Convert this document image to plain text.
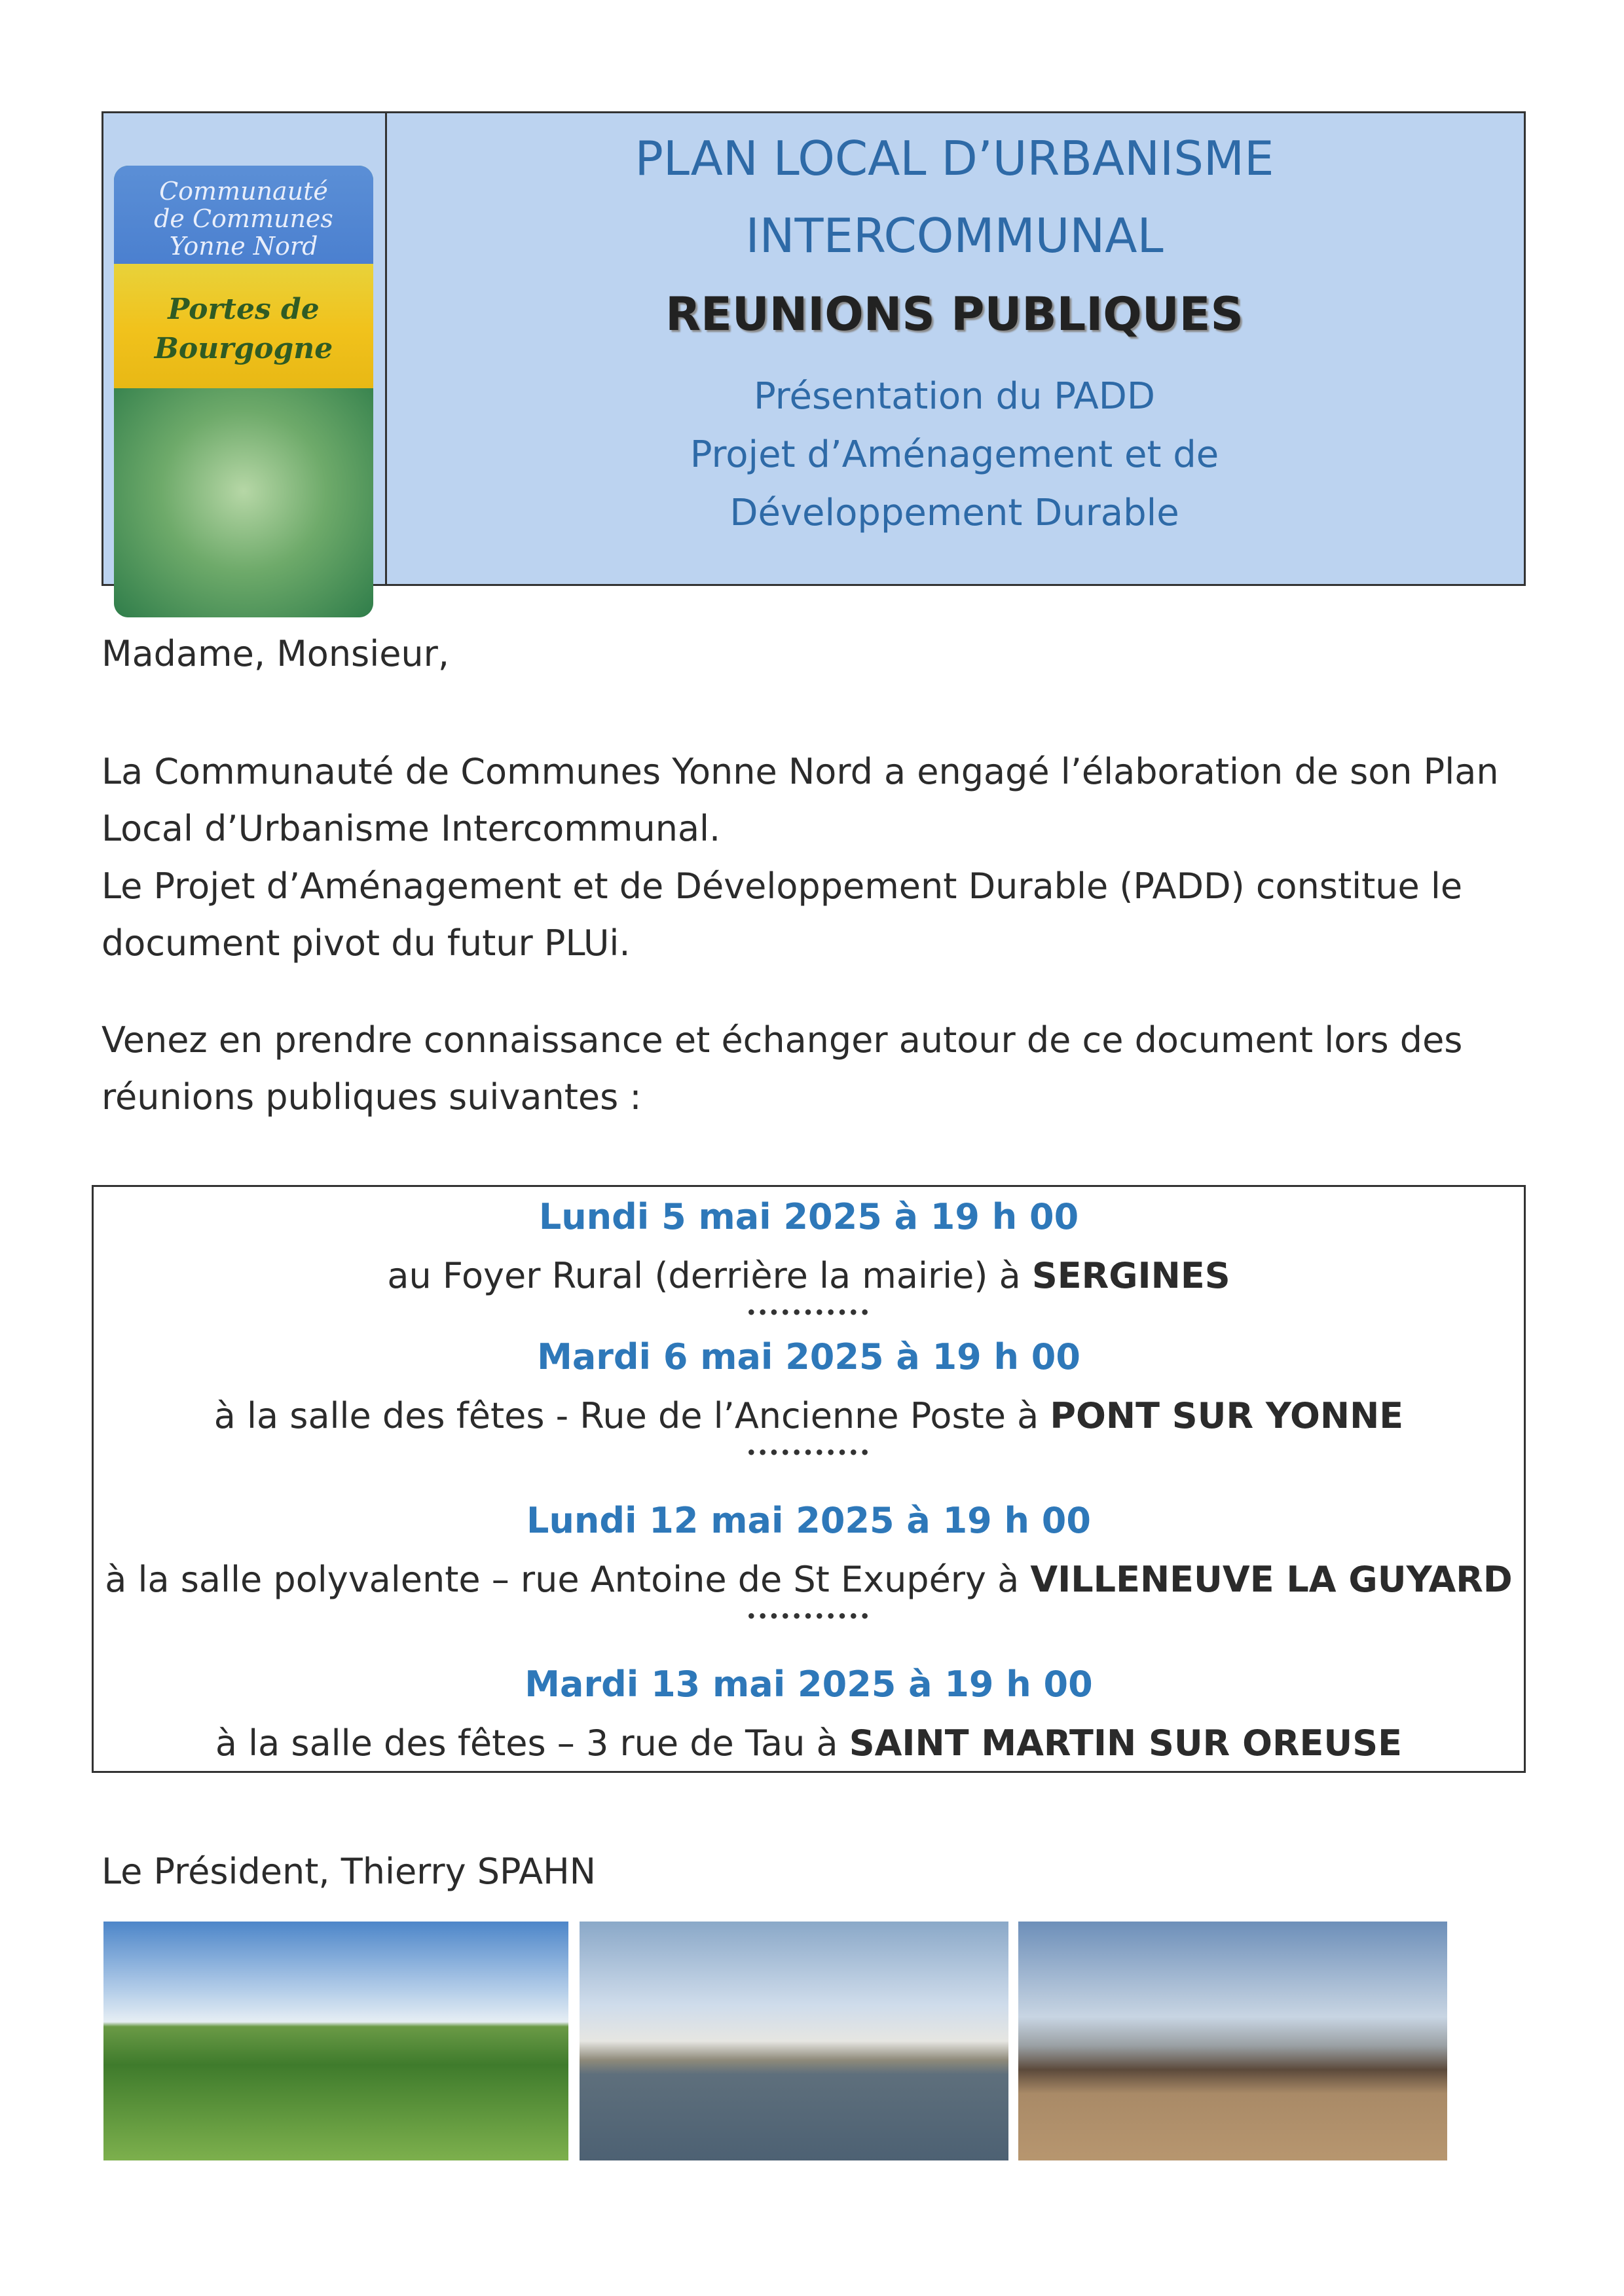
Communauté
de Communes
Yonne Nord
Portes de
Bourgogne
PLAN LOCAL D’URBANISME
INTERCOMMUNAL
REUNIONS PUBLIQUES
Présentation du PADD
Projet d’Aménagement et de
Développement Durable
Madame, Monsieur,
La Communauté de Communes Yonne Nord a engagé l’élaboration de son Plan
Local d’Urbanisme Intercommunal.
Le Projet d’Aménagement et de Développement Durable (PADD) constitue le
document pivot du futur PLUi.
Venez en prendre connaissance et échanger autour de ce document lors des
réunions publiques suivantes :
Lundi 5 mai 2025 à 19 h 00
au Foyer Rural (derrière la mairie) à SERGINES
•••••••••••
Mardi 6 mai 2025 à 19 h 00
à la salle des fêtes - Rue de l’Ancienne Poste à PONT SUR YONNE
•••••••••••
Lundi 12 mai 2025 à 19 h 00
à la salle polyvalente – rue Antoine de St Exupéry à VILLENEUVE LA GUYARD
•••••••••••
Mardi 13 mai 2025 à 19 h 00
à la salle des fêtes – 3 rue de Tau à SAINT MARTIN SUR OREUSE
Le Président, Thierry SPAHN
